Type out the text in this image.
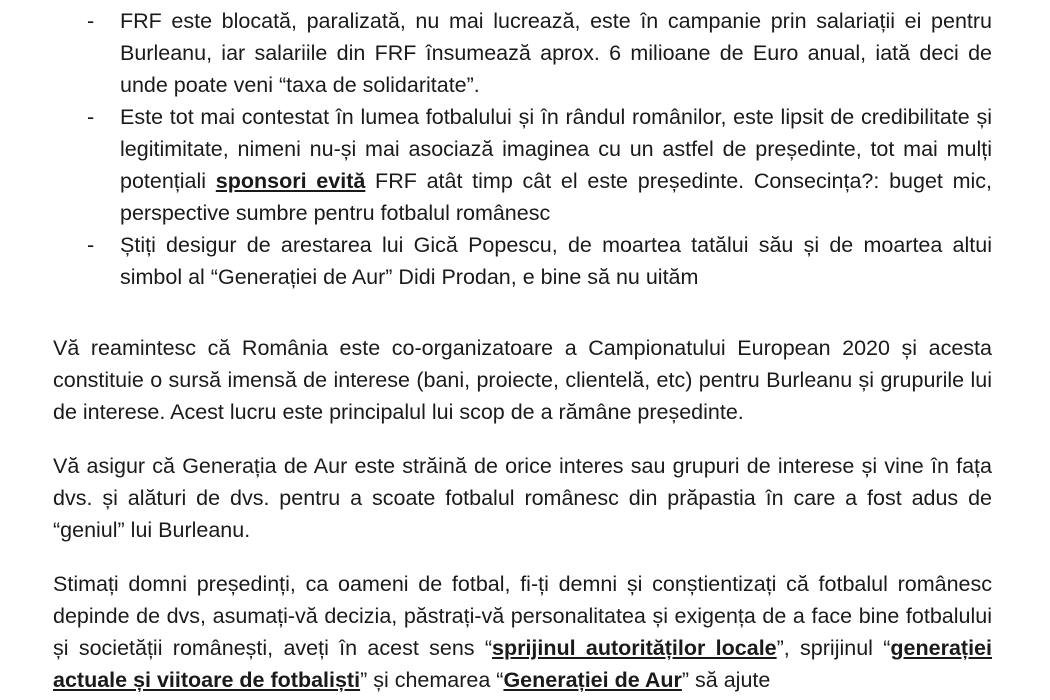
- FRF este blocată, paralizată, nu mai lucrează, este în campanie prin salariații ei pentru Burleanu, iar salariile din FRF însumează aprox. 6 milioane de Euro anual, iată deci de unde poate veni “taxa de solidaritate”.
- Este tot mai contestat în lumea fotbalului și în rândul românilor, este lipsit de credibilitate și legitimitate, nimeni nu-și mai asociază imaginea cu un astfel de președinte, tot mai mulți potențiali sponsori evită FRF atât timp cât el este președinte. Consecința?: buget mic, perspective sumbre pentru fotbalul românesc
- Știți desigur de arestarea lui Gică Popescu, de moartea tatălui său și de moartea altui simbol al “Generației de Aur” Didi Prodan, e bine să nu uităm

Vă reamintesc că România este co-organizatoare a Campionatului European 2020 și acesta constituie o sursă imensă de interese (bani, proiecte, clientelă, etc) pentru Burleanu și grupurile lui de interese. Acest lucru este principalul lui scop de a rămâne președinte.

Vă asigur că Generația de Aur este străină de orice interes sau grupuri de interese și vine în fața dvs. și alături de dvs. pentru a scoate fotbalul românesc din prăpastia în care a fost adus de “geniul” lui Burleanu.

Stimați domni președinți, ca oameni de fotbal, fi-ți demni și conștientizați că fotbalul românesc depinde de dvs, asumați-vă decizia, păstrați-vă personalitatea și exigența de a face bine fotbalului și societății românești, aveți în acest sens “sprijinul autorităților locale”, sprijinul “generației actuale și viitoare de fotbaliști” și chemarea “Generației de Aur” să ajute
